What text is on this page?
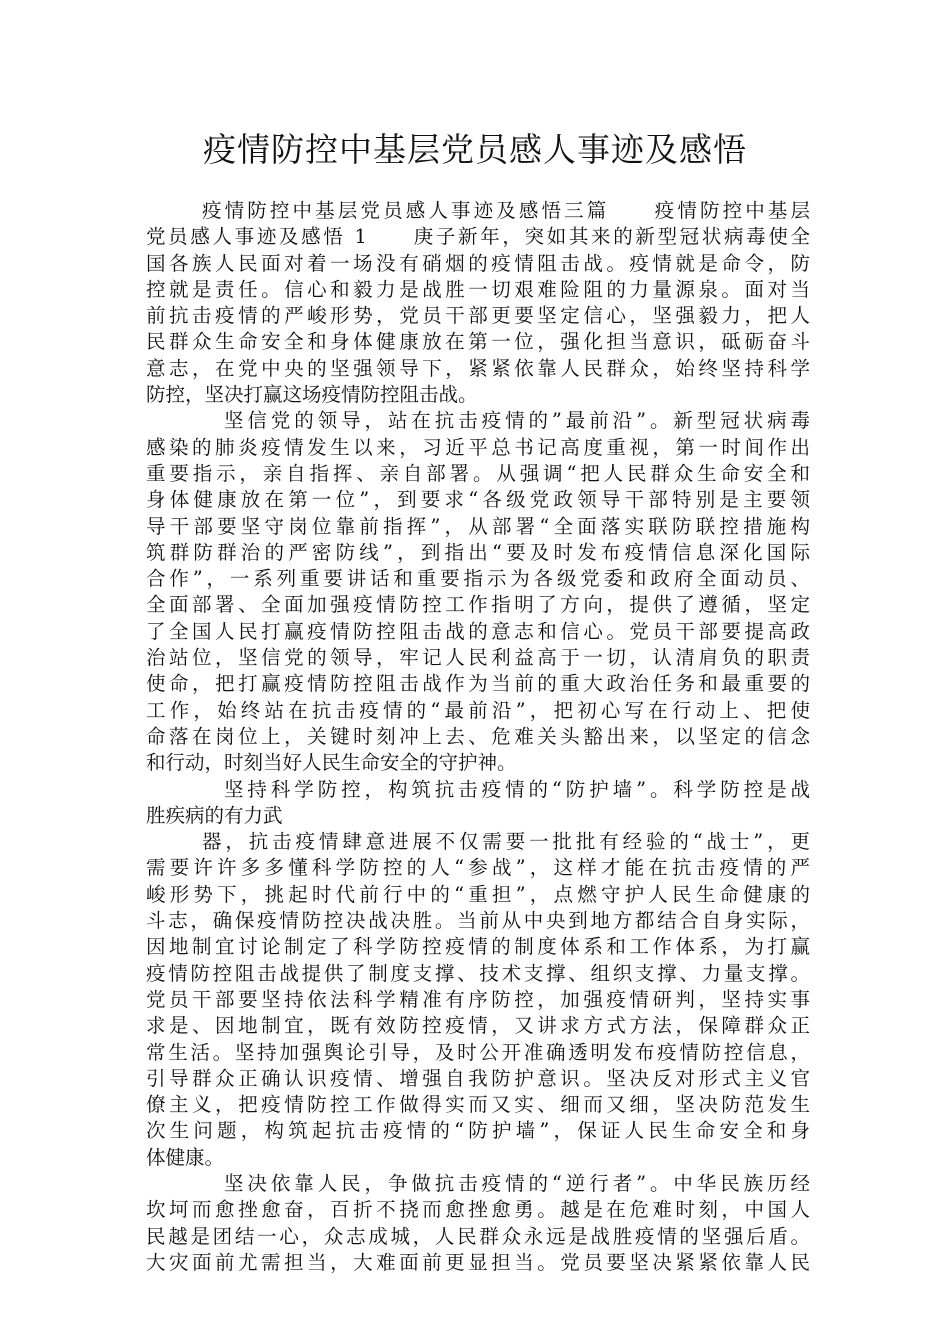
疫情防控中基层党员感人事迹及感悟
疫情防控中基层党员感人事迹及感悟三篇　　疫情防控中基层
党员感人事迹及感悟 1　　庚子新年，突如其来的新型冠状病毒使全
国各族人民面对着一场没有硝烟的疫情阻击战。疫情就是命令，防
控就是责任。信心和毅力是战胜一切艰难险阻的力量源泉。面对当
前抗击疫情的严峻形势，党员干部更要坚定信心，坚强毅力，把人
民群众生命安全和身体健康放在第一位，强化担当意识，砥砺奋斗
意志，在党中央的坚强领导下，紧紧依靠人民群众，始终坚持科学
防控，坚决打赢这场疫情防控阻击战。
坚信党的领导，站在抗击疫情的”最前沿”。新型冠状病毒
感染的肺炎疫情发生以来，习近平总书记高度重视，第一时间作出
重要指示，亲自指挥、亲自部署。从强调“把人民群众生命安全和
身体健康放在第一位”，到要求“各级党政领导干部特别是主要领
导干部要坚守岗位靠前指挥”，从部署“全面落实联防联控措施构
筑群防群治的严密防线”，到指出“要及时发布疫情信息深化国际
合作”，一系列重要讲话和重要指示为各级党委和政府全面动员、
全面部署、全面加强疫情防控工作指明了方向，提供了遵循，坚定
了全国人民打赢疫情防控阻击战的意志和信心。党员干部要提高政
治站位，坚信党的领导，牢记人民利益高于一切，认清肩负的职责
使命，把打赢疫情防控阻击战作为当前的重大政治任务和最重要的
工作，始终站在抗击疫情的“最前沿”，把初心写在行动上、把使
命落在岗位上，关键时刻冲上去、危难关头豁出来，以坚定的信念
和行动，时刻当好人民生命安全的守护神。
坚持科学防控，构筑抗击疫情的“防护墙”。科学防控是战
胜疾病的有力武
器，抗击疫情肆意进展不仅需要一批批有经验的“战士”，更
需要许许多多懂科学防控的人“参战”，这样才能在抗击疫情的严
峻形势下，挑起时代前行中的“重担”，点燃守护人民生命健康的
斗志，确保疫情防控决战决胜。当前从中央到地方都结合自身实际，
因地制宜讨论制定了科学防控疫情的制度体系和工作体系，为打赢
疫情防控阻击战提供了制度支撑、技术支撑、组织支撑、力量支撑。
党员干部要坚持依法科学精准有序防控，加强疫情研判，坚持实事
求是、因地制宜，既有效防控疫情，又讲求方式方法，保障群众正
常生活。坚持加强舆论引导，及时公开准确透明发布疫情防控信息，
引导群众正确认识疫情、增强自我防护意识。坚决反对形式主义官
僚主义，把疫情防控工作做得实而又实、细而又细，坚决防范发生
次生问题，构筑起抗击疫情的“防护墙”，保证人民生命安全和身
体健康。
坚决依靠人民，争做抗击疫情的“逆行者”。中华民族历经
坎坷而愈挫愈奋，百折不挠而愈挫愈勇。越是在危难时刻，中国人
民越是团结一心，众志成城，人民群众永远是战胜疫情的坚强后盾。
大灾面前尤需担当，大难面前更显担当。党员要坚决紧紧依靠人民
